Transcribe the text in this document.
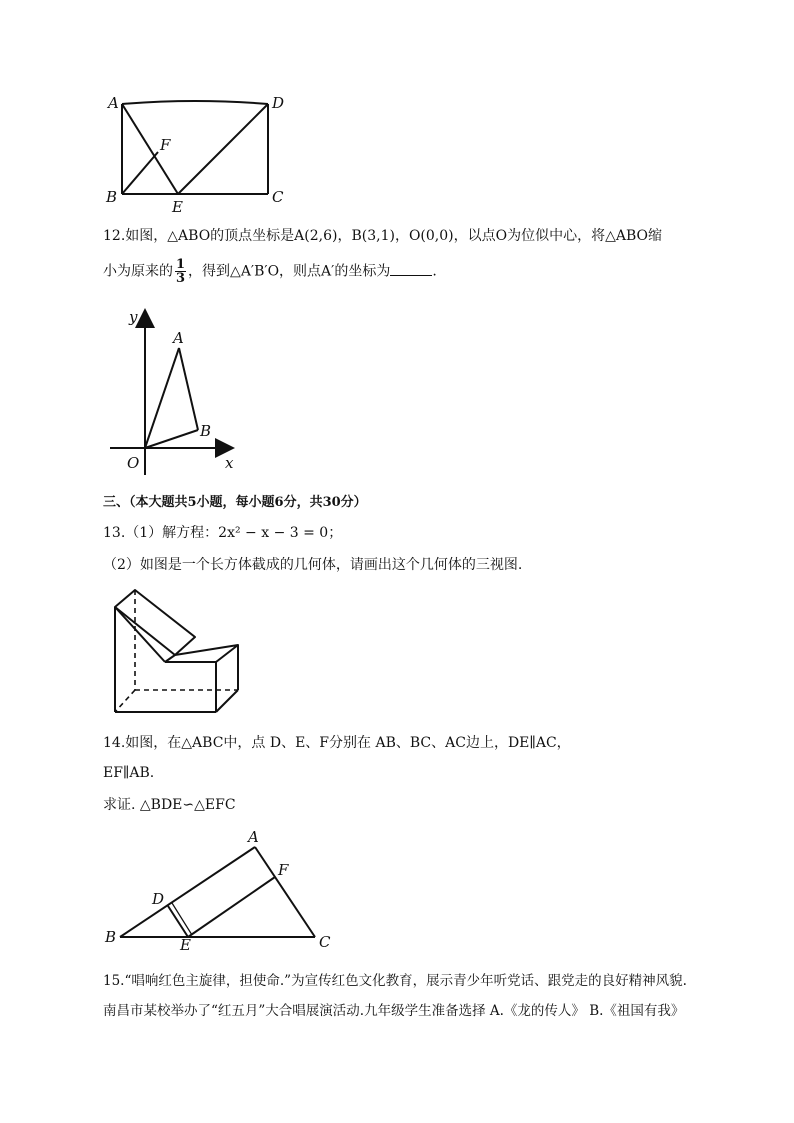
A	D
F
B
E
C
12.如图，△ABO的顶点坐标是A(2,6)，B(3,1)，O(0,0)，以点O为位似中心，将△ABO缩
小为原来的 $\frac{1}{3}$ ，得到△A′B′O，则点A′的坐标为	.
y
A
B
O	x
三、（本大题共5小题，每小题6分，共30分）
13.（1）解方程：2x² − x − 3 = 0；
（2）如图是一个长方体截成的几何体，请画出这个几何体的三视图.
14.如图，在△ABC中，点 D、E、F分别在 AB、BC、AC边上，DE∥AC，
EF∥AB.
求证. △BDE∽△EFC
A
F
D
B	E	C
15.“唱响红色主旋律，担使命.”为宣传红色文化教育，展示青少年听党话、跟党走的良好精神风貌.
南昌市某校举办了“红五月”大合唱展演活动.九年级学生准备选择 A.《龙的传人》 B.《祖国有我》
